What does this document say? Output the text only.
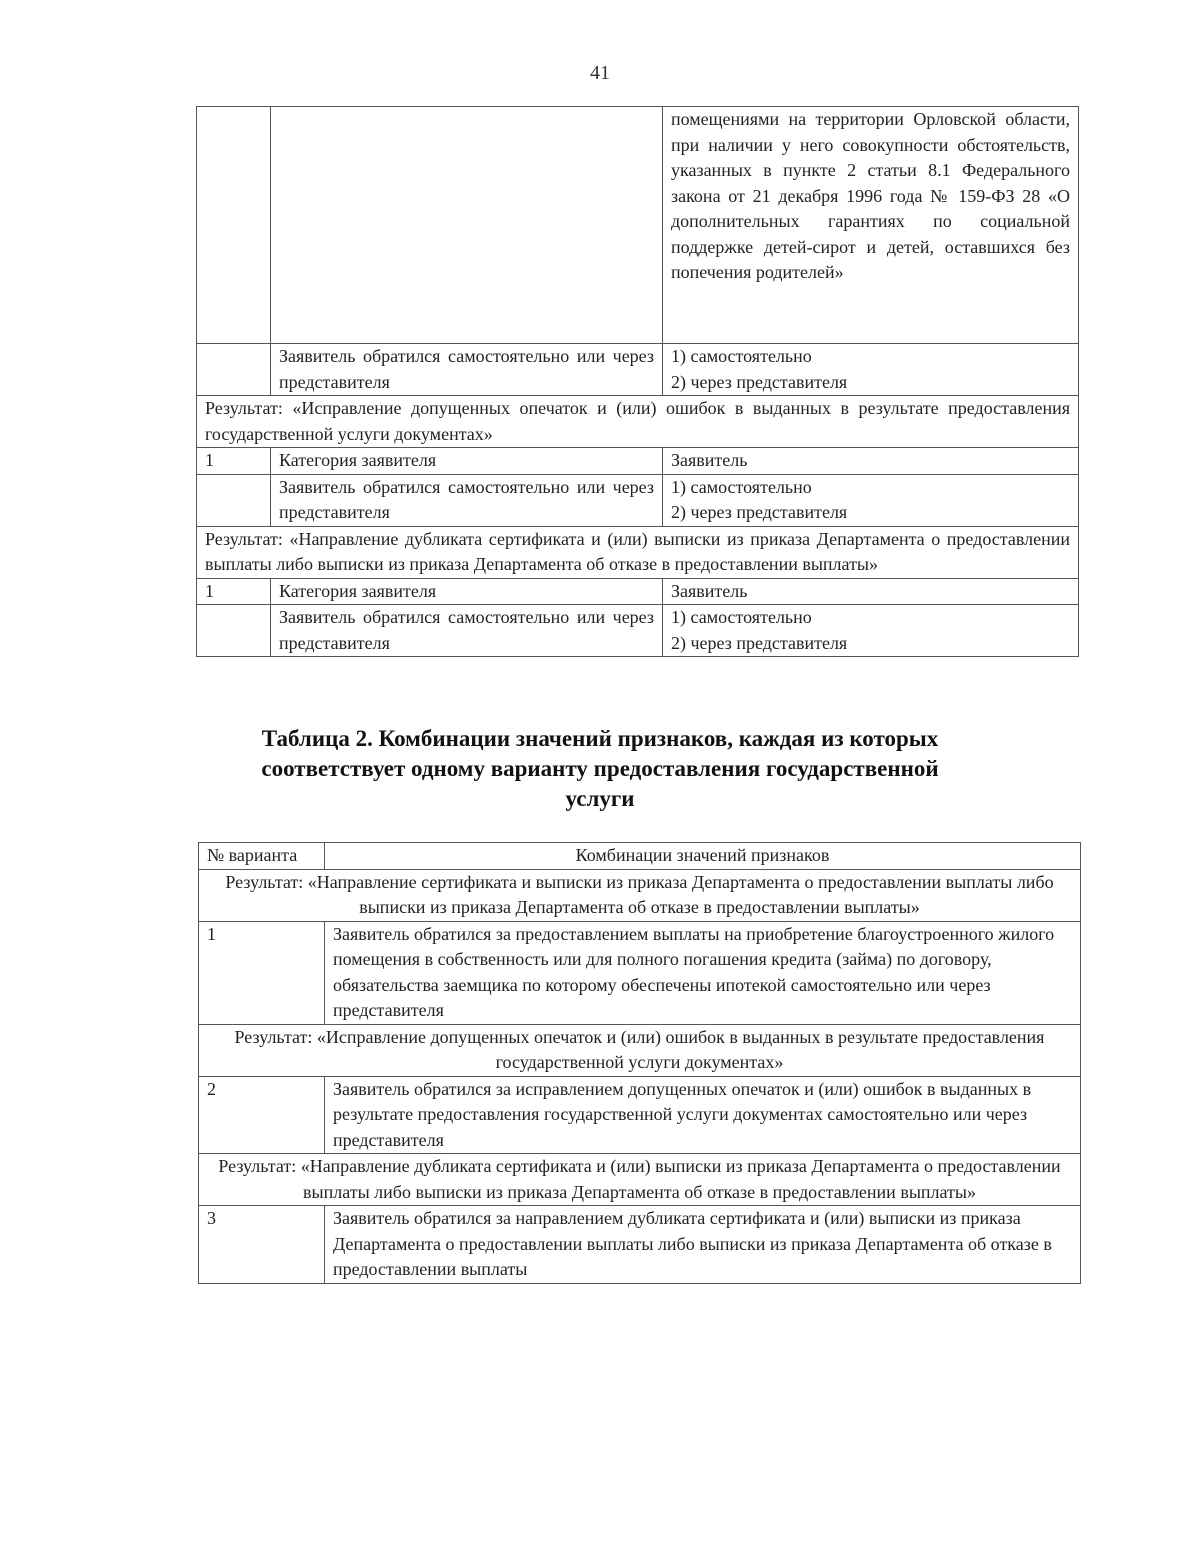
41
		помещениями на территории Орловской области, при наличии у него совокупности обстоятельств, указанных в пункте 2 статьи 8.1 Федерального закона от 21 декабря 1996 года № 159-ФЗ 28 «О дополнительных гарантиях по социальной поддержке детей-сирот и детей, оставшихся без попечения родителей»
	Заявитель обратился самостоятельно или через представителя	1) самостоятельно
2) через представителя

Результат: «Исправление допущенных опечаток и (или) ошибок в выданных в результате предоставления государственной услуги документах»		
1	Категория заявителя	Заявитель
	Заявитель обратился самостоятельно или через представителя	1) самостоятельно
2) через представителя

Результат: «Направление дубликата сертификата и (или) выписки из приказа Департамента о предоставлении выплаты либо выписки из приказа Департамента об отказе в предоставлении выплаты»		
1	Категория заявителя	Заявитель
	Заявитель обратился самостоятельно или через представителя	1) самостоятельно
2) через представителя
Таблица 2. Комбинации значений признаков, каждая из которых соответствует одному варианту предоставления государственной услуги
№ варианта	Комбинации значений признаков
Результат: «Направление сертификата и выписки из приказа Департамента о предоставлении выплаты либо выписки из приказа Департамента об отказе в предоставлении выплаты»	
1	Заявитель обратился за предоставлением выплаты на приобретение благоустроенного жилого помещения в собственность или для полного погашения кредита (займа) по договору, обязательства заемщика по которому обеспечены ипотекой самостоятельно или через представителя
Результат: «Исправление допущенных опечаток и (или) ошибок в выданных в результате предоставления государственной услуги документах»	
2	Заявитель обратился за исправлением допущенных опечаток и (или) ошибок в выданных в результате предоставления государственной услуги документах самостоятельно или через представителя
Результат: «Направление дубликата сертификата и (или) выписки из приказа Департамента о предоставлении выплаты либо выписки из приказа Департамента об отказе в предоставлении выплаты»	
3	Заявитель обратился за направлением дубликата сертификата и (или) выписки из приказа Департамента о предоставлении выплаты либо выписки из приказа Департамента об отказе в предоставлении выплаты
